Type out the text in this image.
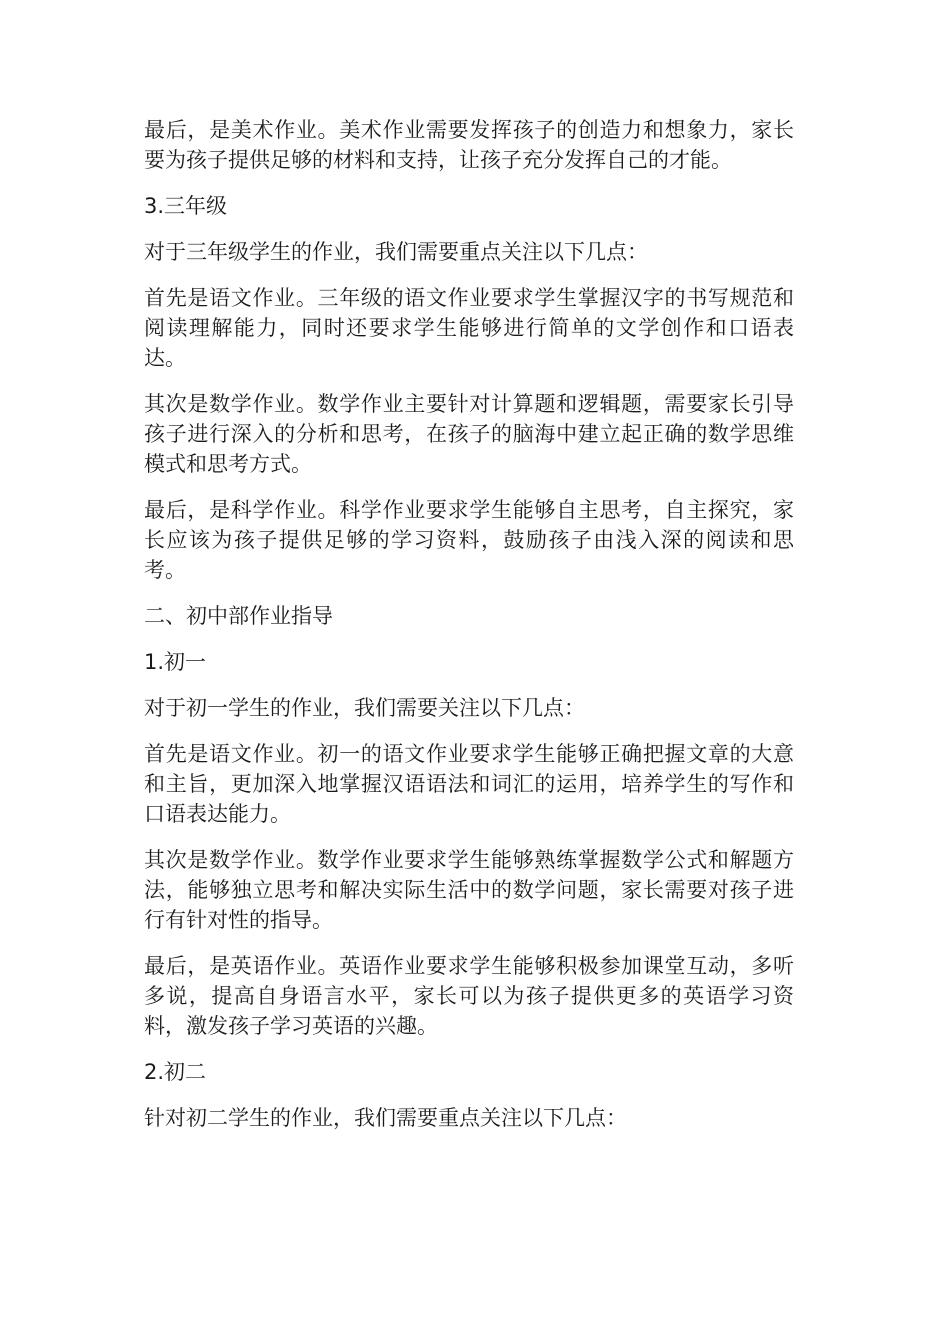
最后，是美术作业。美术作业需要发挥孩子的创造力和想象力，家长要为孩子提供足够的材料和支持，让孩子充分发挥自己的才能。

3.三年级

对于三年级学生的作业，我们需要重点关注以下几点：

首先是语文作业。三年级的语文作业要求学生掌握汉字的书写规范和阅读理解能力，同时还要求学生能够进行简单的文学创作和口语表达。

其次是数学作业。数学作业主要针对计算题和逻辑题，需要家长引导孩子进行深入的分析和思考，在孩子的脑海中建立起正确的数学思维模式和思考方式。

最后，是科学作业。科学作业要求学生能够自主思考，自主探究，家长应该为孩子提供足够的学习资料，鼓励孩子由浅入深的阅读和思考。

二、初中部作业指导

1.初一

对于初一学生的作业，我们需要关注以下几点：

首先是语文作业。初一的语文作业要求学生能够正确把握文章的大意和主旨，更加深入地掌握汉语语法和词汇的运用，培养学生的写作和口语表达能力。

其次是数学作业。数学作业要求学生能够熟练掌握数学公式和解题方法，能够独立思考和解决实际生活中的数学问题，家长需要对孩子进行有针对性的指导。

最后，是英语作业。英语作业要求学生能够积极参加课堂互动，多听多说，提高自身语言水平，家长可以为孩子提供更多的英语学习资料，激发孩子学习英语的兴趣。

2.初二

针对初二学生的作业，我们需要重点关注以下几点：
